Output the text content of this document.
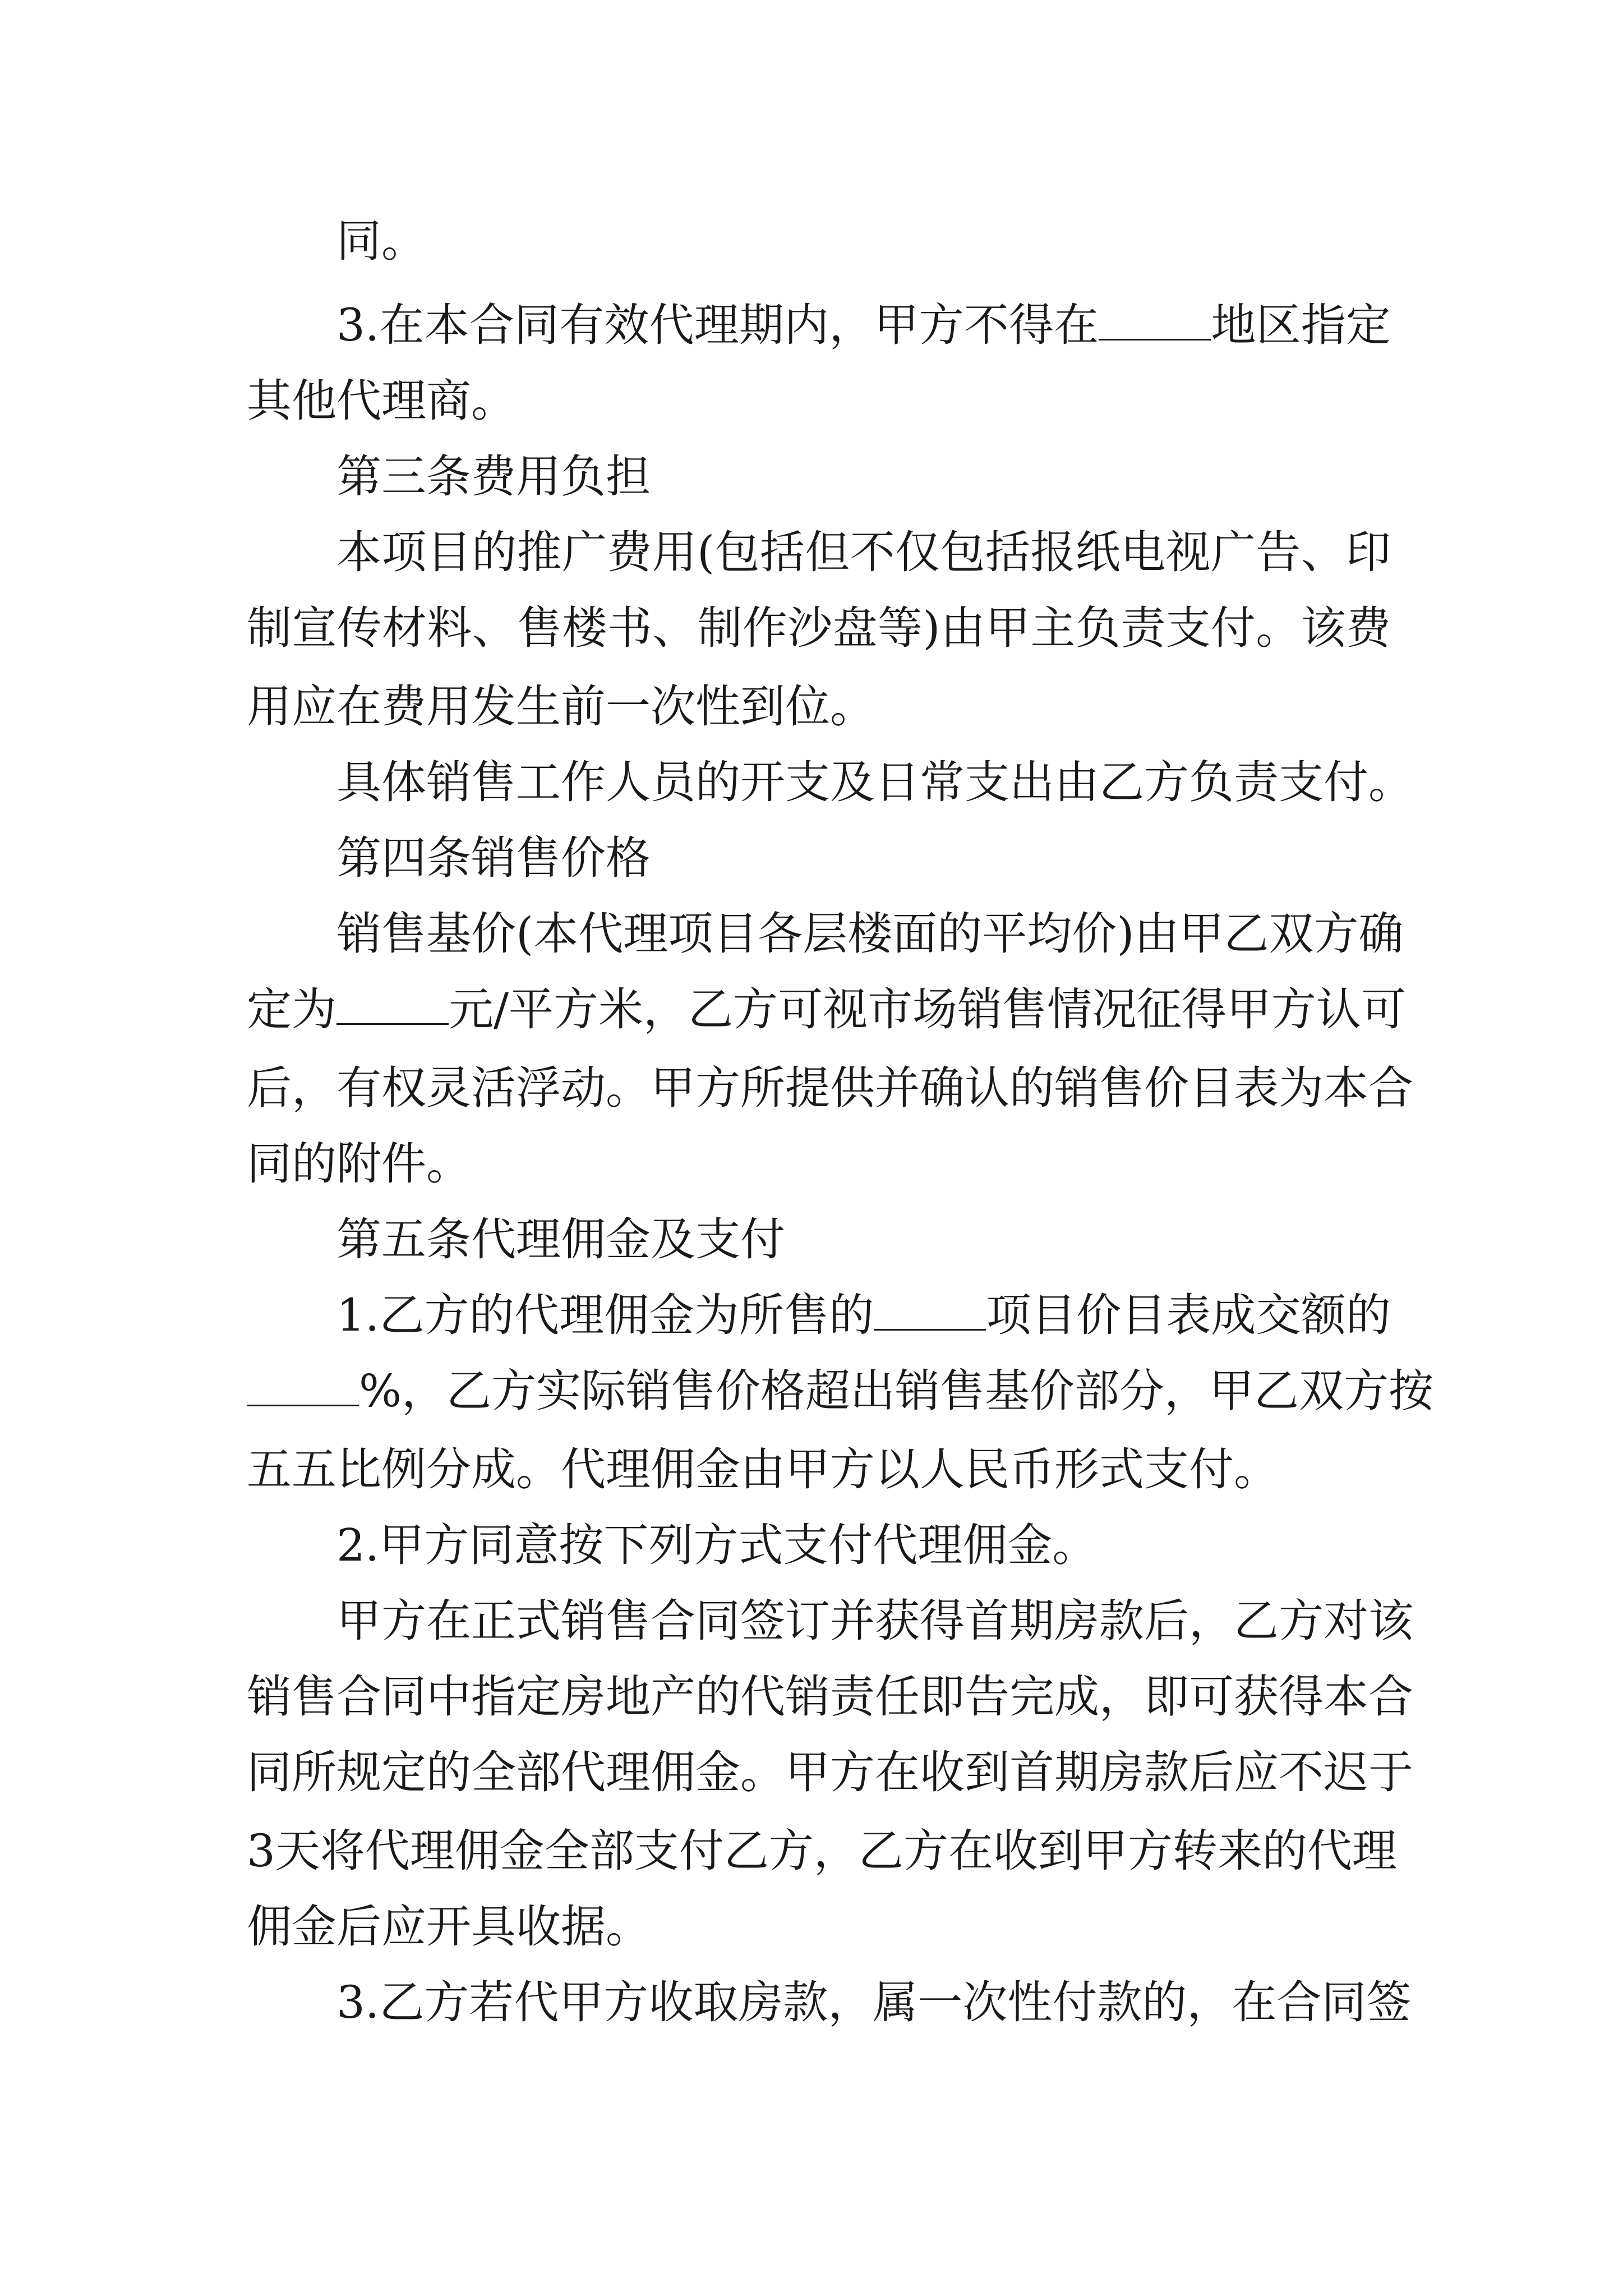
同。
3.在本合同有效代理期内，甲方不得在	地区指定
其他代理商。
第三条费用负担
本项目的推广费用(包括但不仅包括报纸电视广告、印
制宣传材料、售楼书、制作沙盘等)由甲主负责支付。该费
用应在费用发生前一次性到位。
具体销售工作人员的开支及日常支出由乙方负责支付。
第四条销售价格
销售基价(本代理项目各层楼面的平均价)由甲乙双方确
定为	元/平方米，乙方可视市场销售情况征得甲方认可
后，有权灵活浮动。甲方所提供并确认的销售价目表为本合
同的附件。
第五条代理佣金及支付
1.乙方的代理佣金为所售的	项目价目表成交额的
%，乙方实际销售价格超出销售基价部分，甲乙双方按
五五比例分成。代理佣金由甲方以人民币形式支付。
2.甲方同意按下列方式支付代理佣金。
甲方在正式销售合同签订并获得首期房款后，乙方对该
销售合同中指定房地产的代销责任即告完成，即可获得本合
同所规定的全部代理佣金。甲方在收到首期房款后应不迟于
3天将代理佣金全部支付乙方，乙方在收到甲方转来的代理
佣金后应开具收据。
3.乙方若代甲方收取房款，属一次性付款的，在合同签
